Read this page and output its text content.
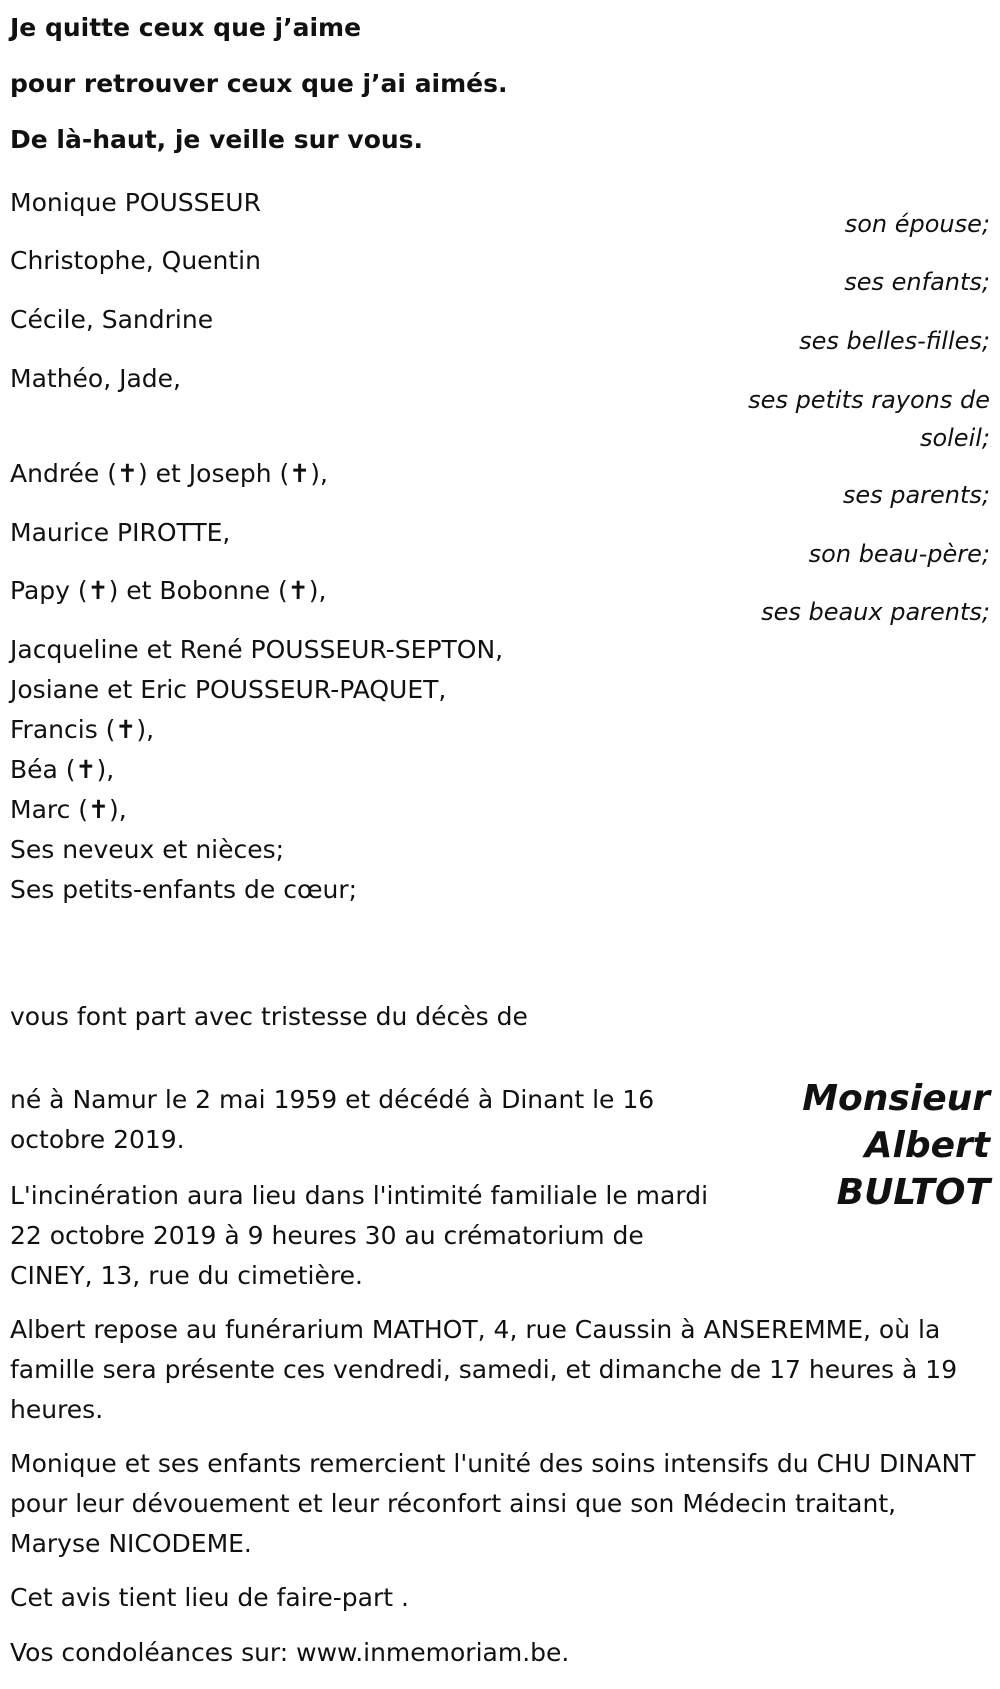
Je quitte ceux que j’aime

pour retrouver ceux que j’ai aimés.

De là-haut, je veille sur vous.

Monique POUSSEUR
son épouse;
Christophe, Quentin
ses enfants;
Cécile, Sandrine
ses belles-filles;
Mathéo, Jade,
ses petits rayons de soleil;
Andrée (✝) et Joseph (✝),
ses parents;
Maurice PIROTTE,
son beau-père;
Papy (✝) et Bobonne (✝),
ses beaux parents;
Jacqueline et René POUSSEUR-SEPTON,
Josiane et Eric POUSSEUR-PAQUET,
Francis (✝),
Béa (✝),
Marc (✝),
Ses neveux et nièces;
Ses petits-enfants de cœur;
vous font part avec tristesse du décès de
Monsieur
Albert
BULTOT
né à Namur le 2 mai 1959 et décédé à Dinant le 16 octobre 2019.
L'incinération aura lieu dans l'intimité familiale le mardi 22 octobre 2019 à 9 heures 30 au crématorium de CINEY, 13, rue du cimetière.
Albert repose au funérarium MATHOT, 4, rue Caussin à ANSEREMME, où la famille sera présente ces vendredi, samedi, et dimanche de 17 heures à 19 heures.
Monique et ses enfants remercient l'unité des soins intensifs du CHU DINANT pour leur dévouement et leur réconfort ainsi que son Médecin traitant, Maryse NICODEME.
Cet avis tient lieu de faire-part .
Vos condoléances sur: www.inmemoriam.be.
